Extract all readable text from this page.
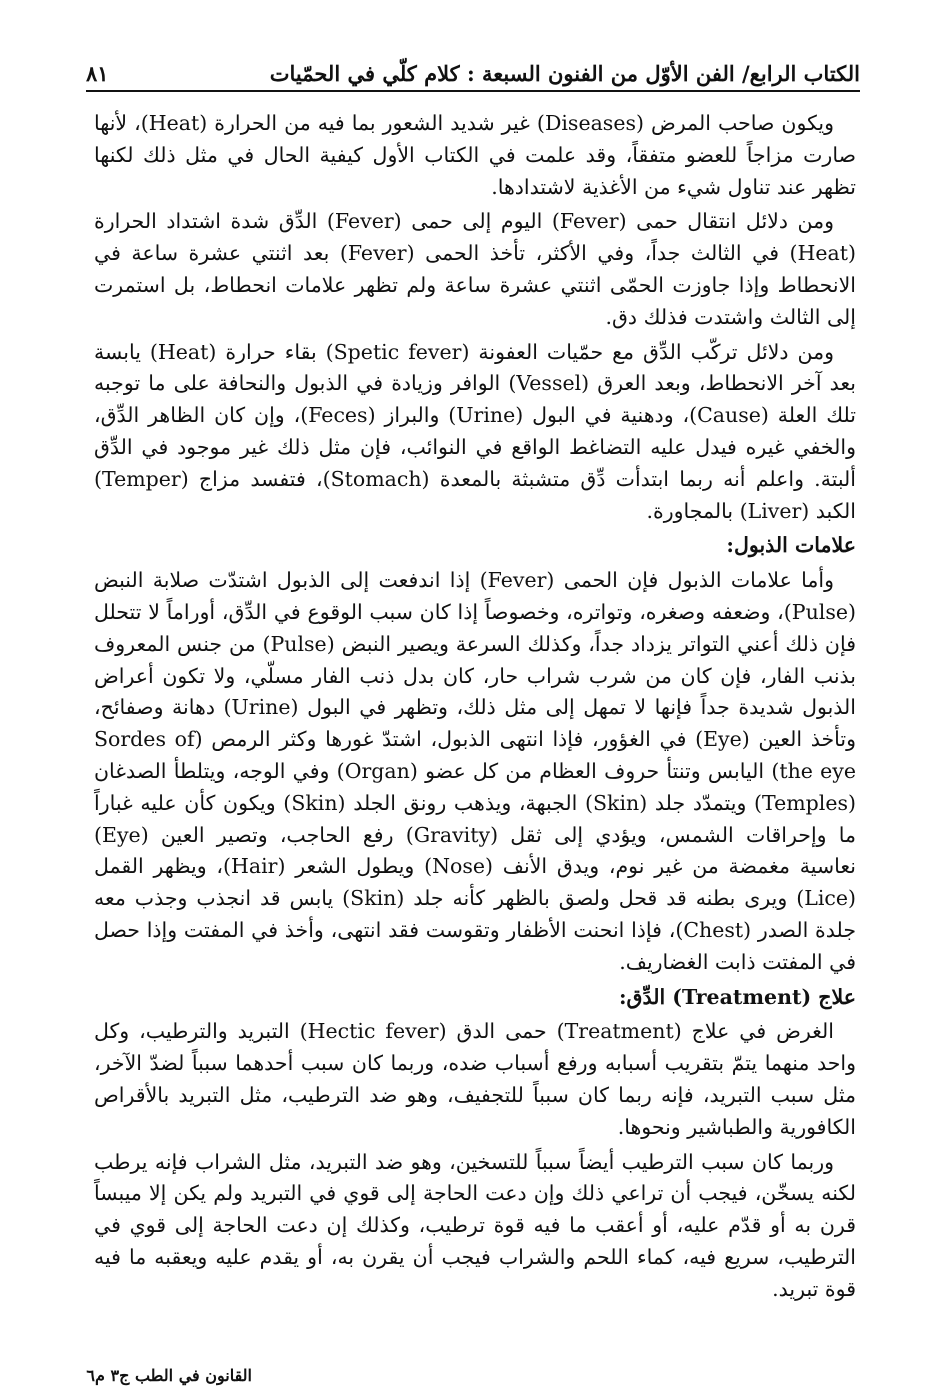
٨١	الكتاب الرابع/ الفن الأوّل من الفنون السبعة : كلام كلّي في الحمّيات

ويكون صاحب المرض (Diseases) غير شديد الشعور بما فيه من الحرارة (Heat)، لأنها صارت مزاجاً للعضو متفقاً، وقد علمت في الكتاب الأول كيفية الحال في مثل ذلك لكنها تظهر عند تناول شيء من الأغذية لاشتدادها.

ومن دلائل انتقال حمى (Fever) اليوم إلى حمى (Fever) الدِّق شدة اشتداد الحرارة (Heat) في الثالث جداً، وفي الأكثر، تأخذ الحمى (Fever) بعد اثنتي عشرة ساعة في الانحطاط وإذا جاوزت الحمّى اثنتي عشرة ساعة ولم تظهر علامات انحطاط، بل استمرت إلى الثالث واشتدت فذلك دق.

ومن دلائل تركّب الدِّق مع حمّيات العفونة (Spetic fever) بقاء حرارة (Heat) يابسة بعد آخر الانحطاط، وبعد العرق (Vessel) الوافر وزيادة في الذبول والنحافة على ما توجبه تلك العلة (Cause)، ودهنية في البول (Urine) والبراز (Feces)، وإن كان الظاهر الدِّق، والخفي غيره فيدل عليه التضاغط الواقع في النوائب، فإن مثل ذلك غير موجود في الدِّق ألبتة. واعلم أنه ربما ابتدأت دِّق متشبثة بالمعدة (Stomach)، فتفسد مزاج (Temper) الكبد (Liver) بالمجاورة.

علامات الذبول:

وأما علامات الذبول فإن الحمى (Fever) إذا اندفعت إلى الذبول اشتدّت صلابة النبض (Pulse)، وضعفه وصغره، وتواتره، وخصوصاً إذا كان سبب الوقوع في الدِّق، أوراماً لا تتحلل فإن ذلك أعني التواتر يزداد جداً، وكذلك السرعة ويصير النبض (Pulse) من جنس المعروف بذنب الفار، فإن كان من شرب شراب حار، كان بدل ذنب الفار مسلّي، ولا تكون أعراض الذبول شديدة جداً فإنها لا تمهل إلى مثل ذلك، وتظهر في البول (Urine) دهانة وصفائح، وتأخذ العين (Eye) في الغؤور، فإذا انتهى الذبول، اشتدّ غورها وكثر الرمص (Sordes of the eye) اليابس وتنتأ حروف العظام من كل عضو (Organ) وفي الوجه، ويتلطأ الصدغان (Temples) ويتمدّد جلد (Skin) الجبهة، ويذهب رونق الجلد (Skin) ويكون كأن عليه غباراً ما وإحراقات الشمس، ويؤدي إلى ثقل (Gravity) رفع الحاجب، وتصير العين (Eye) نعاسية مغمضة من غير نوم، ويدق الأنف (Nose) ويطول الشعر (Hair)، ويظهر القمل (Lice) ويرى بطنه قد قحل ولصق بالظهر كأنه جلد (Skin) يابس قد انجذب وجذب معه جلدة الصدر (Chest)، فإذا انحنت الأظفار وتقوست فقد انتهى، وأخذ في المفتت وإذا حصل في المفتت ذابت الغضاريف.

علاج (Treatment) الدِّق:

الغرض في علاج (Treatment) حمى الدق (Hectic fever) التبريد والترطيب، وكل واحد منهما يتمّ بتقريب أسبابه ورفع أسباب ضده، وربما كان سبب أحدهما سبباً لضدّ الآخر، مثل سبب التبريد، فإنه ربما كان سبباً للتجفيف، وهو ضد الترطيب، مثل التبريد بالأقراص الكافورية والطباشير ونحوها.

وربما كان سبب الترطيب أيضاً سبباً للتسخين، وهو ضد التبريد، مثل الشراب فإنه يرطب لكنه يسخّن، فيجب أن تراعي ذلك وإن دعت الحاجة إلى قوي في التبريد ولم يكن إلا ميبساً قرن به أو قدّم عليه، أو أعقب ما فيه قوة ترطيب، وكذلك إن دعت الحاجة إلى قوي في الترطيب، سريع فيه، كماء اللحم والشراب فيجب أن يقرن به، أو يقدم عليه ويعقبه ما فيه قوة تبريد.

القانون في الطب ج٣ م٦
